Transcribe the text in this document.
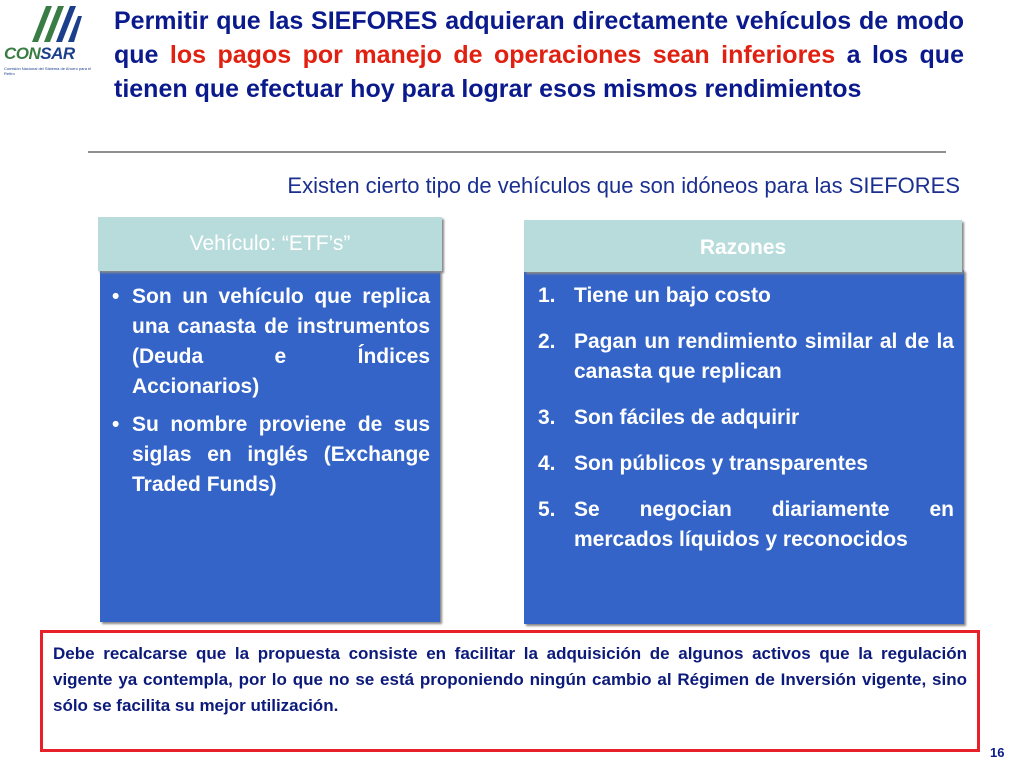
CONSAR
Comisión Nacional del Sistema de Ahorro para el Retiro
Permitir que las SIEFORES adquieran directamente vehículos de modo que los pagos por manejo de operaciones sean inferiores a los que tienen que efectuar hoy para lograr esos mismos rendimientos

Existen cierto tipo de vehículos que son idóneos para las SIEFORES

Vehículo: “ETF’s”
• Son un vehículo que replica una canasta de instrumentos (Deuda e Índices Accionarios)
• Su nombre proviene de sus siglas en inglés (Exchange Traded Funds)
Razones
1. Tiene un bajo costo
2. Pagan un rendimiento similar al de la canasta que replican
3. Son fáciles de adquirir
4. Son públicos y transparentes
5. Se negocian diariamente en mercados líquidos y reconocidos

Debe recalcarse que la propuesta consiste en facilitar la adquisición de algunos activos que la regulación vigente ya contempla, por lo que no se está proponiendo ningún cambio al Régimen de Inversión vigente, sino sólo se facilita su mejor utilización.

16
